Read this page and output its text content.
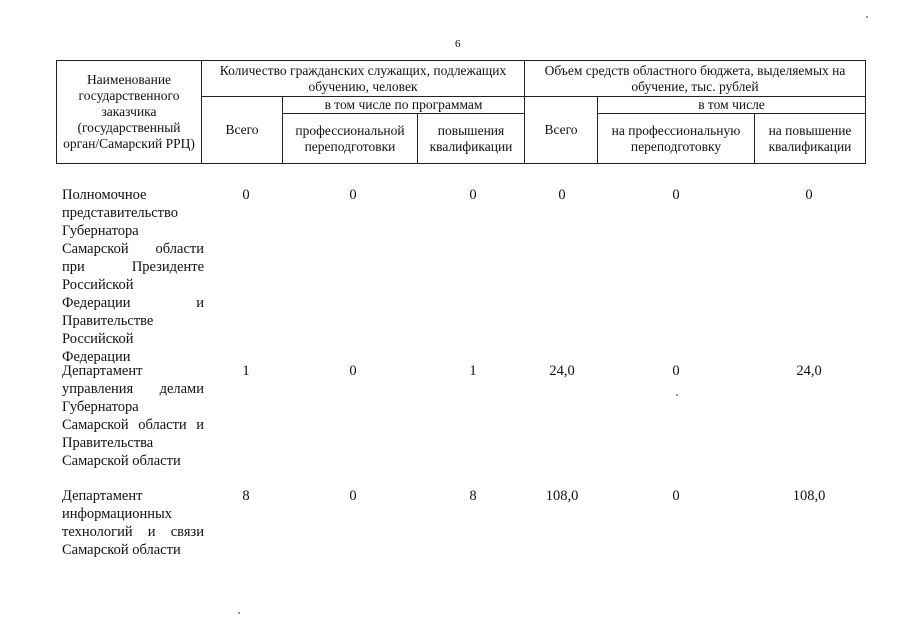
6
Наименование государственного заказчика (государственный орган/Самарский РРЦ)	Количество гражданских служащих, подлежащих обучению, человек			Объем средств областного бюджета, выделяемых на обучение, тыс. рублей		
	Всего	в том числе по программам		Всего	в том числе	
		профессиональной переподготовки	повышения квалификации		на профессиональную переподготовку	на повышение квалификации
Полномочное представительство Губернатора Самарской области при Президенте Российской Федерации и Правительстве Российской Федерации
0	0	0	0	0	0
Департамент управления делами Губернатора Самарской области и Правительства Самарской области
1	0	1	24,0	0	24,0
Департамент информационных технологий и связи Самарской области
8	0	8	108,0	0	108,0
